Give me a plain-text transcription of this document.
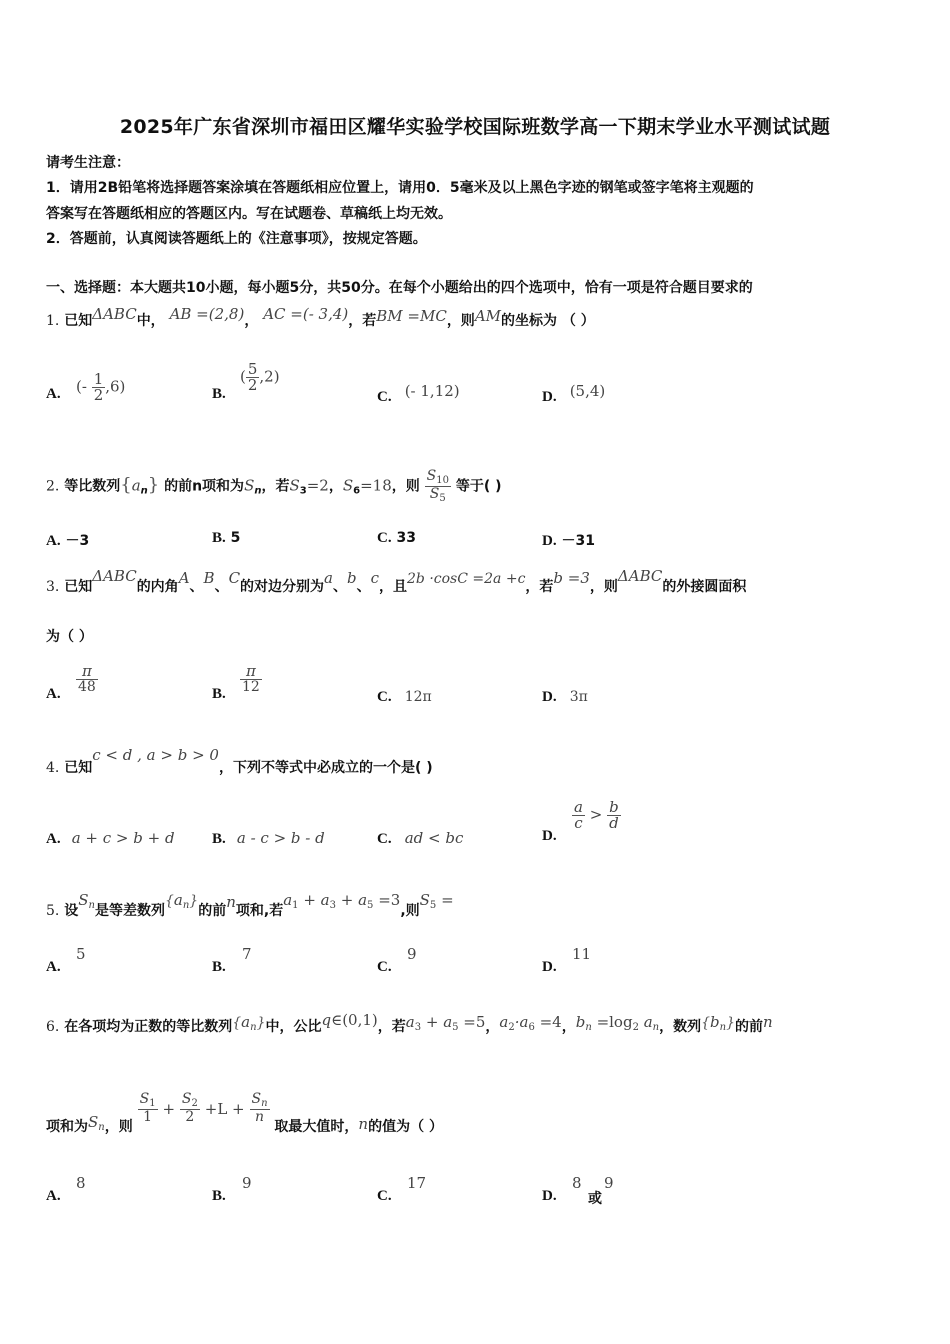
2025年广东省深圳市福田区耀华实验学校国际班数学高一下期末学业水平测试试题
请考生注意：
1．请用2B铅笔将选择题答案涂填在答题纸相应位置上，请用0．5毫米及以上黑色字迹的钢笔或签字笔将主观题的
答案写在答题纸相应的答题区内。写在试题卷、草稿纸上均无效。
2．答题前，认真阅读答题纸上的《注意事项》，按规定答题。
一、选择题：本大题共10小题，每小题5分，共50分。在每个小题给出的四个选项中，恰有一项是符合题目要求的
1. 已知ΔABC中， AB =(2,8)， AC =(- 3,4)，若BM =MC，则AM的坐标为 （ ）
A. (- $\frac{1}{2} ,6$)	B.
( $\frac{5}{2} ,2$)
C. (- 1,12)	D. (5,4)
2. 等比数列$\{a_n\}$ 的前n项和为$S_n$，若$S_3=2$，$S_6=18$，则 $\frac{S_{10}}{S_5}$ 等于( )
A. －3	B. 5	C. 33	D. －31
3. 已知ΔABC的内角A、B、C的对边分别为a、b、c，且2b ·cosC =2a +c，若b =3，则ΔABC的外接圆面积
为（ ）
A. $\frac{\pi}{48}$	B. $\frac{\pi}{12}$
C. 12π	D. 3π
4. 已知c < d , a > b > 0，下列不等式中必成立的一个是( )
A. a + c > b + d B. a - c > b - d	C. ad < bc	D.
$\frac{a}{c} > \frac{b}{d}$
5. 设$S_n$是等差数列$\{a_n\}$的前n项和,若$a_1 + a_3 + a_5 =3$,则$S_5$ =
A.
5
B.
7
C.
9
D.
11
6. 在各项均为正数的等比数列$\{a_n\}$中，公比q∈(0,1)，若$a_3 + a_5 =5$，$a_2\cdot a_6 =4$，$b_n =\log_2$ $a_n$，数列$\{b_n\}$的前n
项和为$S_n$，则
$\frac{S_1}{1} + \frac{S_2}{2} +L + \frac{S_n}{n}$
取最大值时，n的值为（ ）
A.
8
B.
9
C.
17
D.
8
或
9
